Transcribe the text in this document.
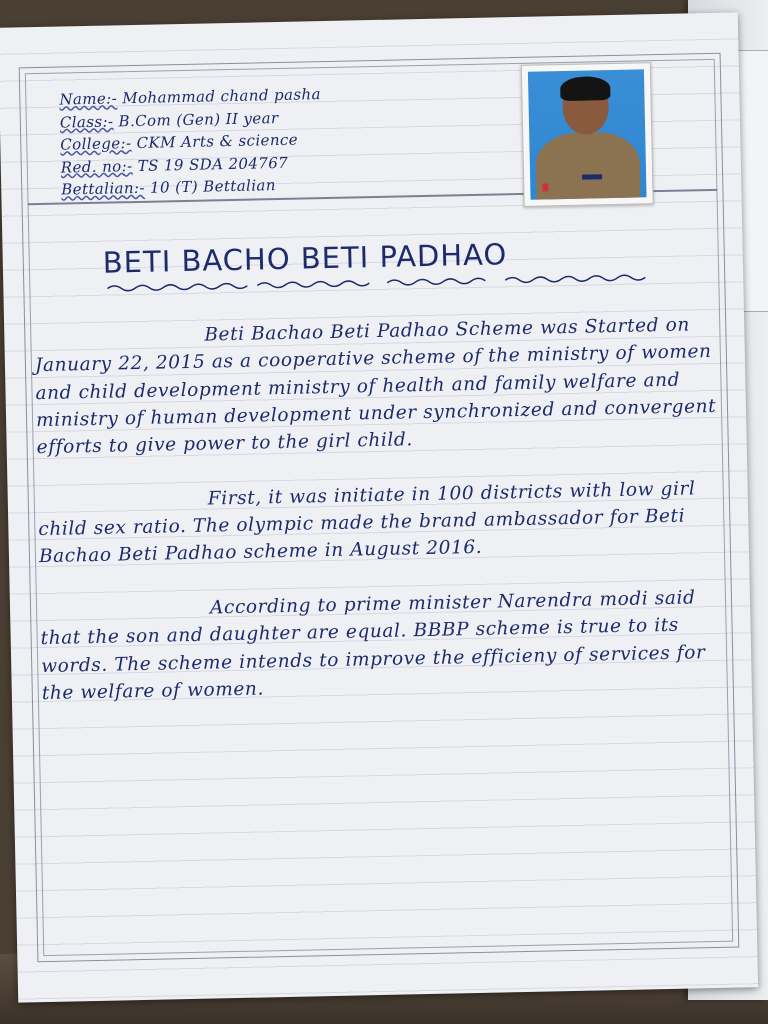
Name:- Mohammad chand pasha
Class:- B.Com (Gen) II year
College:- CKM Arts & science
Red. no:- TS 19 SDA 204767
Bettalian:- 10 (T) Bettalian
BETI BACHO BETI PADHAO

Beti Bachao Beti Padhao Scheme was Started on January 22, 2015 as a cooperative scheme of the ministry of women and child development ministry of health and family welfare and ministry of human development under synchronized and convergent efforts to give power to the girl child.

First, it was initiate in 100 districts with low girl child sex ratio. The olympic made the brand ambassador for Beti Bachao Beti Padhao scheme in August 2016.

According to prime minister Narendra modi said that the son and daughter are equal. BBBP scheme is true to its words. The scheme intends to improve the efficieny of services for the welfare of women.
